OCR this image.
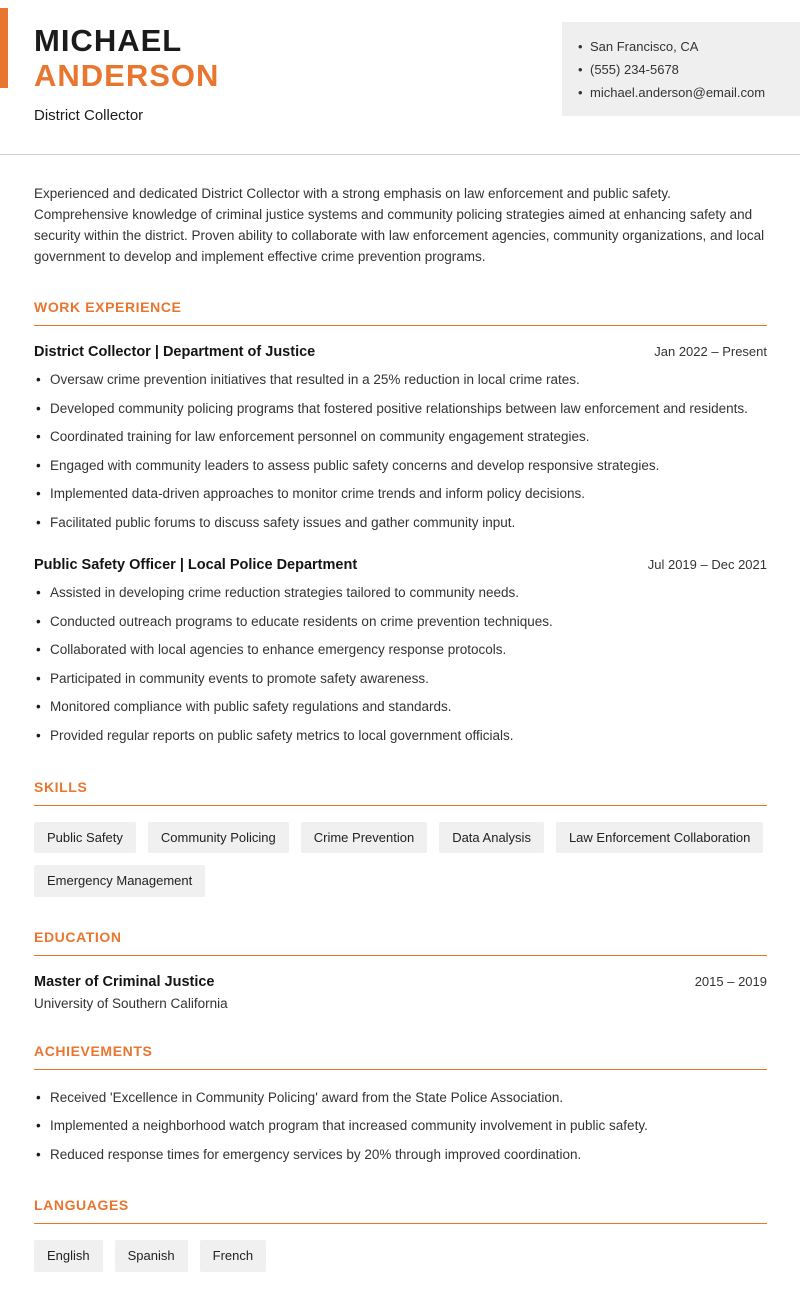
MICHAEL
ANDERSON
District Collector
• San Francisco, CA
• (555) 234-5678
• michael.anderson@email.com

Experienced and dedicated District Collector with a strong emphasis on law enforcement and public safety. Comprehensive knowledge of criminal justice systems and community policing strategies aimed at enhancing safety and security within the district. Proven ability to collaborate with law enforcement agencies, community organizations, and local government to develop and implement effective crime prevention programs.

WORK EXPERIENCE
District Collector | Department of Justice	Jan 2022 – Present
• Oversaw crime prevention initiatives that resulted in a 25% reduction in local crime rates.
• Developed community policing programs that fostered positive relationships between law enforcement and residents.
• Coordinated training for law enforcement personnel on community engagement strategies.
• Engaged with community leaders to assess public safety concerns and develop responsive strategies.
• Implemented data-driven approaches to monitor crime trends and inform policy decisions.
• Facilitated public forums to discuss safety issues and gather community input.
Public Safety Officer | Local Police Department	Jul 2019 – Dec 2021
• Assisted in developing crime reduction strategies tailored to community needs.
• Conducted outreach programs to educate residents on crime prevention techniques.
• Collaborated with local agencies to enhance emergency response protocols.
• Participated in community events to promote safety awareness.
• Monitored compliance with public safety regulations and standards.
• Provided regular reports on public safety metrics to local government officials.
SKILLS
Public Safety	Community Policing	Crime Prevention	Data Analysis	Law Enforcement Collaboration
Emergency Management
EDUCATION
Master of Criminal Justice	2015 – 2019
University of Southern California
ACHIEVEMENTS
• Received 'Excellence in Community Policing' award from the State Police Association.
• Implemented a neighborhood watch program that increased community involvement in public safety.
• Reduced response times for emergency services by 20% through improved coordination.
LANGUAGES
English	Spanish	French
